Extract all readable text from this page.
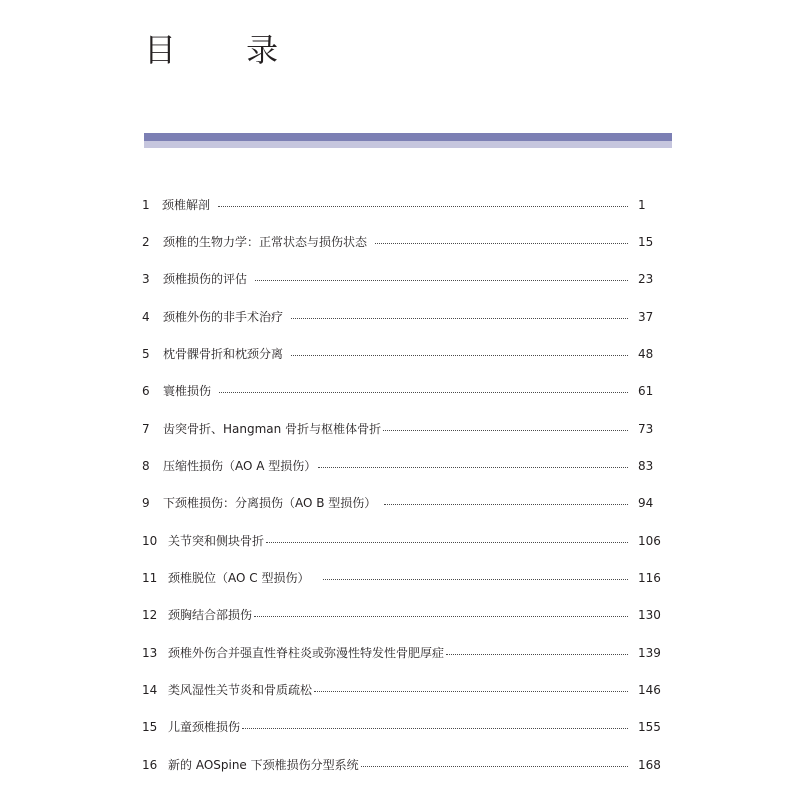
目 录
1	颈椎解剖	1
2	颈椎的生物力学：正常状态与损伤状态	15
3	颈椎损伤的评估	23
4	颈椎外伤的非手术治疗	37
5	枕骨髁骨折和枕颈分离	48
6	寰椎损伤	61
7	齿突骨折、Hangman 骨折与枢椎体骨折	73
8	压缩性损伤（AO A 型损伤）	83
9	下颈椎损伤：分离损伤（AO B 型损伤）	94
10 关节突和侧块骨折	106
11 颈椎脱位（AO C 型损伤）	116
12 颈胸结合部损伤	130
13 颈椎外伤合并强直性脊柱炎或弥漫性特发性骨肥厚症	139
14 类风湿性关节炎和骨质疏松	146
15 儿童颈椎损伤	155
16 新的 AOSpine 下颈椎损伤分型系统	168
